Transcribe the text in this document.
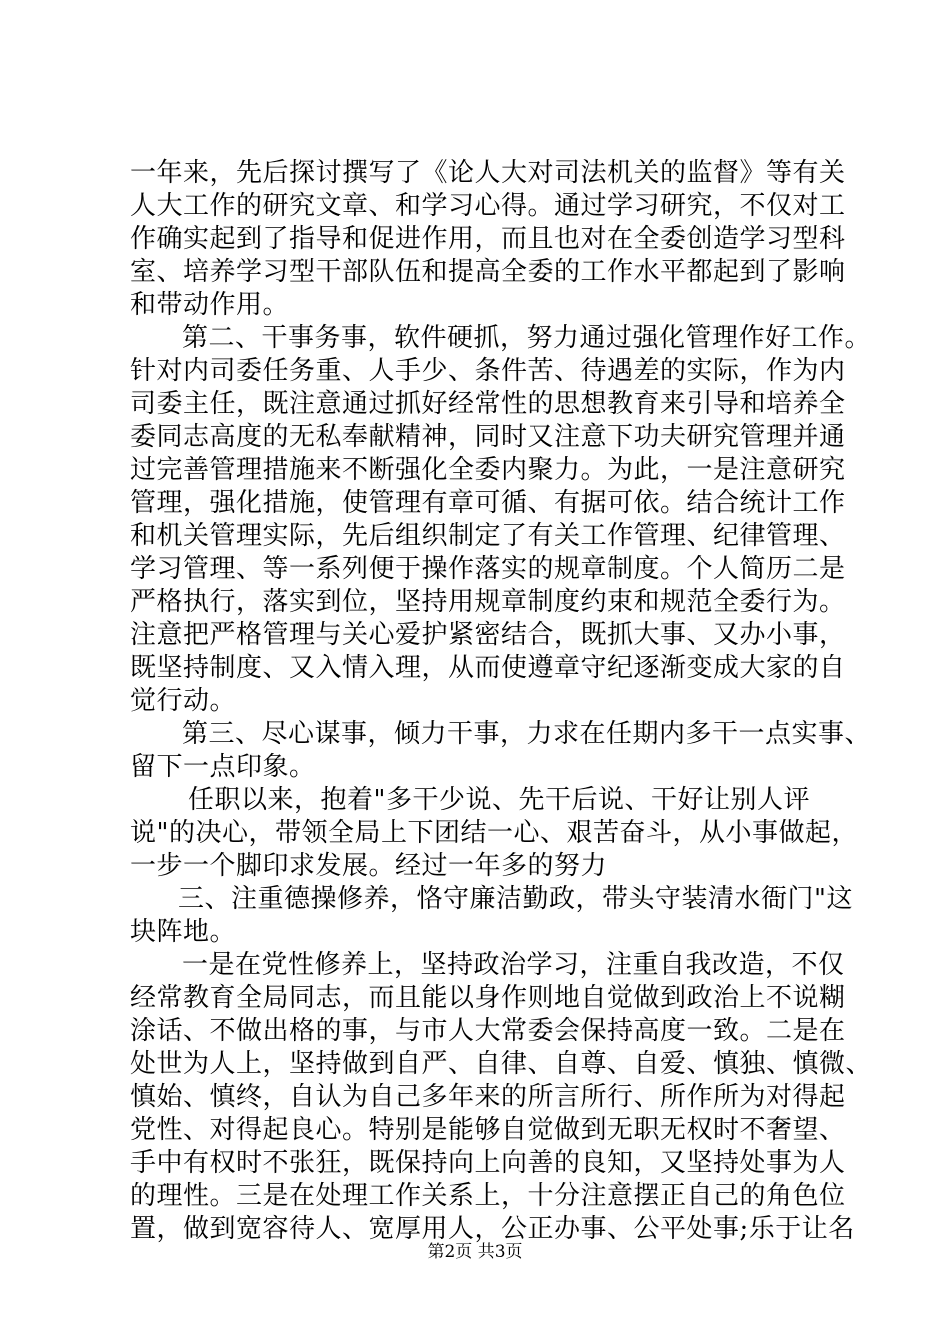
一年来，先后探讨撰写了《论人大对司法机关的监督》等有关
人大工作的研究文章、和学习心得。通过学习研究，不仅对工
作确实起到了指导和促进作用，而且也对在全委创造学习型科
室、培养学习型干部队伍和提高全委的工作水平都起到了影响
和带动作用。
第二、干事务事，软件硬抓，努力通过强化管理作好工作。
针对内司委任务重、人手少、条件苦、待遇差的实际，作为内
司委主任，既注意通过抓好经常性的思想教育来引导和培养全
委同志高度的无私奉献精神，同时又注意下功夫研究管理并通
过完善管理措施来不断强化全委内聚力。为此，一是注意研究
管理，强化措施，使管理有章可循、有据可依。结合统计工作
和机关管理实际，先后组织制定了有关工作管理、纪律管理、
学习管理、等一系列便于操作落实的规章制度。个人简历二是
严格执行，落实到位，坚持用规章制度约束和规范全委行为。
注意把严格管理与关心爱护紧密结合，既抓大事、又办小事，
既坚持制度、又入情入理，从而使遵章守纪逐渐变成大家的自
觉行动。
第三、尽心谋事，倾力干事，力求在任期内多干一点实事、
留下一点印象。
任职以来，抱着"多干少说、先干后说、干好让别人评
说"的决心，带领全局上下团结一心、艰苦奋斗，从小事做起，
一步一个脚印求发展。经过一年多的努力
三、注重德操修养，恪守廉洁勤政，带头守装清水衙门"这
块阵地。
一是在党性修养上，坚持政治学习，注重自我改造，不仅
经常教育全局同志，而且能以身作则地自觉做到政治上不说糊
涂话、不做出格的事，与市人大常委会保持高度一致。二是在
处世为人上，坚持做到自严、自律、自尊、自爱、慎独、慎微、
慎始、慎终，自认为自己多年来的所言所行、所作所为对得起
党性、对得起良心。特别是能够自觉做到无职无权时不奢望、
手中有权时不张狂，既保持向上向善的良知，又坚持处事为人
的理性。三是在处理工作关系上，十分注意摆正自己的角色位
置，做到宽容待人、宽厚用人，公正办事、公平处事;乐于让名
第2页 共3页
